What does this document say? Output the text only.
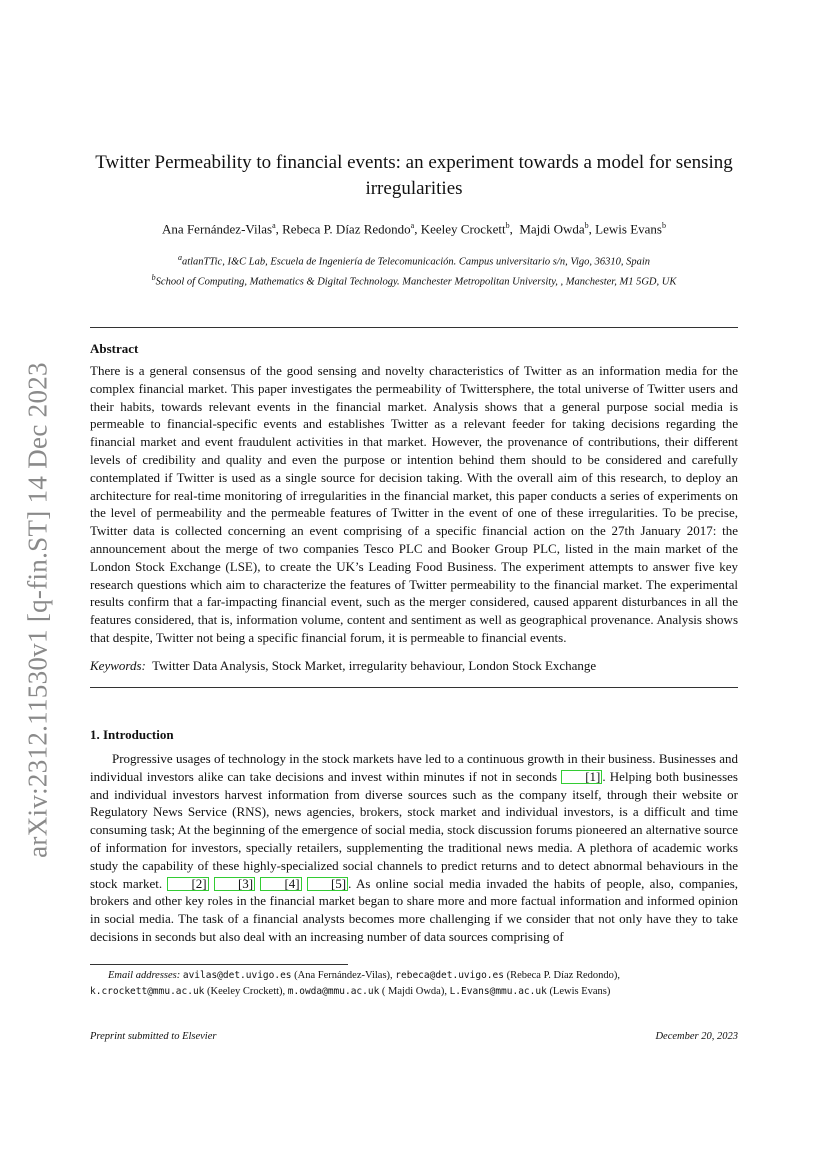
arXiv:2312.11530v1 [q-fin.ST] 14 Dec 2023
Twitter Permeability to financial events: an experiment towards a model for sensing irregularities
Ana Fernández-Vilas$^a$, Rebeca P. Díaz Redondo$^a$, Keeley Crockett$^b$,  Majdi Owda$^b$, Lewis Evans$^b$
$^a$atlanTTic, I&C Lab, Escuela de Ingeniería de Telecomunicación. Campus universitario s/n, Vigo, 36310, Spain
$^b$School of Computing, Mathematics & Digital Technology. Manchester Metropolitan University, , Manchester, M1 5GD, UK
Abstract
There is a general consensus of the good sensing and novelty characteristics of Twitter as an information media for the complex financial market. This paper investigates the permeability of Twittersphere, the total universe of Twitter users and their habits, towards relevant events in the financial market. Analysis shows that a general purpose social media is permeable to financial-specific events and establishes Twitter as a relevant feeder for taking decisions regarding the financial market and event fraudulent activities in that market. However, the provenance of contributions, their different levels of credibility and quality and even the purpose or intention behind them should to be considered and carefully contemplated if Twitter is used as a single source for decision taking. With the overall aim of this research, to deploy an architecture for real-time monitoring of irregularities in the financial market, this paper conducts a series of experiments on the level of permeability and the permeable features of Twitter in the event of one of these irregularities. To be precise, Twitter data is collected concerning an event comprising of a specific financial action on the 27th January 2017: the announcement about the merge of two companies Tesco PLC and Booker Group PLC, listed in the main market of the London Stock Exchange (LSE), to create the UK’s Leading Food Business. The experiment attempts to answer five key research questions which aim to characterize the features of Twitter permeability to the financial market. The experimental results confirm that a far-impacting financial event, such as the merger considered, caused apparent disturbances in all the features considered, that is, information volume, content and sentiment as well as geographical provenance. Analysis shows that despite, Twitter not being a specific financial forum, it is permeable to financial events.
Keywords: Twitter Data Analysis, Stock Market, irregularity behaviour, London Stock Exchange
1. Introduction
Progressive usages of technology in the stock markets have led to a continuous growth in their business. Businesses and individual investors alike can take decisions and invest within minutes if not in seconds [1] . Helping both businesses and individual investors harvest information from diverse sources such as the company itself, through their website or Regulatory News Service (RNS), news agencies, brokers, stock market and individual investors, is a difficult and time consuming task; At the beginning of the emergence of social media, stock discussion forums pioneered an alternative source of information for investors, specially retailers, supplementing the traditional news media. A plethora of academic works study the capability of these highly-specialized social channels to predict returns and to detect abnormal behaviours in the stock market. [2] [3] [4] [5] . As online social media invaded the habits of people, also, companies, brokers and other key roles in the financial market began to share more and more factual information and informed opinion in social media. The task of a financial analysts becomes more challenging if we consider that not only have they to take decisions in seconds but also deal with an increasing number of data sources comprising of
Email addresses: avilas@det.uvigo.es (Ana Fernández-Vilas), rebeca@det.uvigo.es (Rebeca P. Díaz Redondo),
k.crockett@mmu.ac.uk (Keeley Crockett), m.owda@mmu.ac.uk ( Majdi Owda), L.Evans@mmu.ac.uk (Lewis Evans)
Preprint submitted to Elsevier	December 20, 2023
